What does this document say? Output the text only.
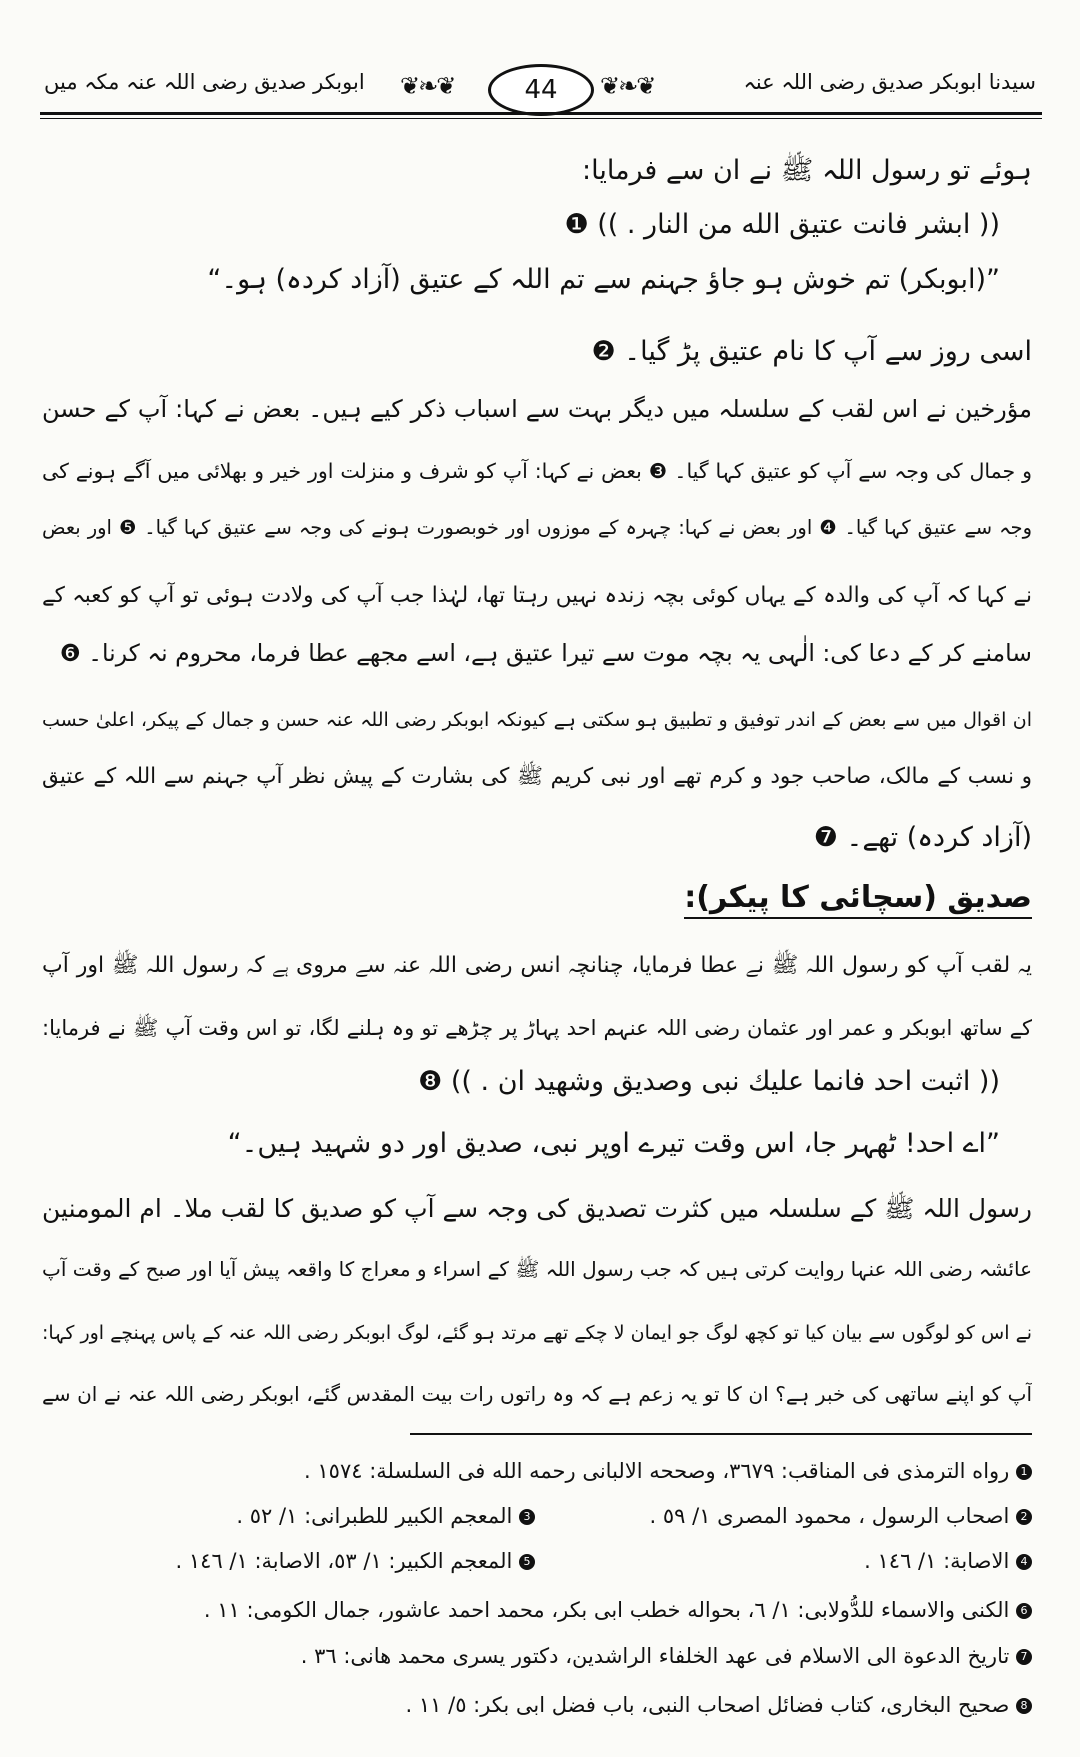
ابوبکر صدیق رضی اللہ عنہ مکہ میں	❦❧❦	44	❦❧❦	سیدنا ابوبکر صدیق رضی اللہ عنہ
ہوئے تو رسول اللہ ﷺ نے ان سے فرمایا:
(( ابشر فانت عتیق الله من النار . )) ❶
”(ابوبکر) تم خوش ہو جاؤ جہنم سے تم اللہ کے عتیق (آزاد کردہ) ہو۔“
اسی روز سے آپ کا نام عتیق پڑ گیا۔ ❷
مؤرخین نے اس لقب کے سلسلہ میں دیگر بہت سے اسباب ذکر کیے ہیں۔ بعض نے کہا: آپ کے حسن
و جمال کی وجہ سے آپ کو عتیق کہا گیا۔ ❸ بعض نے کہا: آپ کو شرف و منزلت اور خیر و بھلائی میں آگے ہونے کی
وجہ سے عتیق کہا گیا۔ ❹ اور بعض نے کہا: چہرہ کے موزوں اور خوبصورت ہونے کی وجہ سے عتیق کہا گیا۔ ❺ اور بعض
نے کہا کہ آپ کی والدہ کے یہاں کوئی بچہ زندہ نہیں رہتا تھا، لہٰذا جب آپ کی ولادت ہوئی تو آپ کو کعبہ کے
سامنے کر کے دعا کی: الٰہی یہ بچہ موت سے تیرا عتیق ہے، اسے مجھے عطا فرما، محروم نہ کرنا۔ ❻
ان اقوال میں سے بعض کے اندر توفیق و تطبیق ہو سکتی ہے کیونکہ ابوبکر رضی اللہ عنہ حسن و جمال کے پیکر، اعلیٰ حسب
و نسب کے مالک، صاحب جود و کرم تھے اور نبی کریم ﷺ کی بشارت کے پیش نظر آپ جہنم سے اللہ کے عتیق
(آزاد کردہ) تھے۔ ❼
صدیق (سچائی کا پیکر):
یہ لقب آپ کو رسول اللہ ﷺ نے عطا فرمایا، چنانچہ انس رضی اللہ عنہ سے مروی ہے کہ رسول اللہ ﷺ اور آپ
کے ساتھ ابوبکر و عمر اور عثمان رضی اللہ عنہم احد پہاڑ پر چڑھے تو وہ ہلنے لگا، تو اس وقت آپ ﷺ نے فرمایا:
(( اثبت احد فانما علیك نبی وصدیق وشهید ان . )) ❽
”اے احد! ٹھہر جا، اس وقت تیرے اوپر نبی، صدیق اور دو شہید ہیں۔“
رسول اللہ ﷺ کے سلسلہ میں کثرت تصدیق کی وجہ سے آپ کو صدیق کا لقب ملا۔ ام المومنین
عائشہ رضی اللہ عنہا روایت کرتی ہیں کہ جب رسول اللہ ﷺ کے اسراء و معراج کا واقعہ پیش آیا اور صبح کے وقت آپ
نے اس کو لوگوں سے بیان کیا تو کچھ لوگ جو ایمان لا چکے تھے مرتد ہو گئے، لوگ ابوبکر رضی اللہ عنہ کے پاس پہنچے اور کہا:
آپ کو اپنے ساتھی کی خبر ہے؟ ان کا تو یہ زعم ہے کہ وہ راتوں رات بیت المقدس گئے، ابوبکر رضی اللہ عنہ نے ان سے
1 رواه الترمذی فی المناقب: ٣٦٧٩، وصححه الالبانی رحمه الله فی السلسلة: ١٥٧٤ .
2 اصحاب الرسول ، محمود المصری ١/ ٥٩ .
3 المعجم الكبير للطبرانی: ١/ ٥٢ .
4 الاصابة: ١/ ١٤٦ .
5 المعجم الكبير: ١/ ٥٣، الاصابة: ١/ ١٤٦ .
6 الكنى والاسماء للدُّولابی: ١/ ٦، بحواله خطب ابی بكر، محمد احمد عاشور، جمال الكومی: ١١ .
7 تاريخ الدعوة الى الاسلام فی عهد الخلفاء الراشدين، دكتور يسری محمد هانی: ٣٦ .
8 صحيح البخاری، كتاب فضائل اصحاب النبی، باب فضل ابی بكر: ٥/ ١١ .
